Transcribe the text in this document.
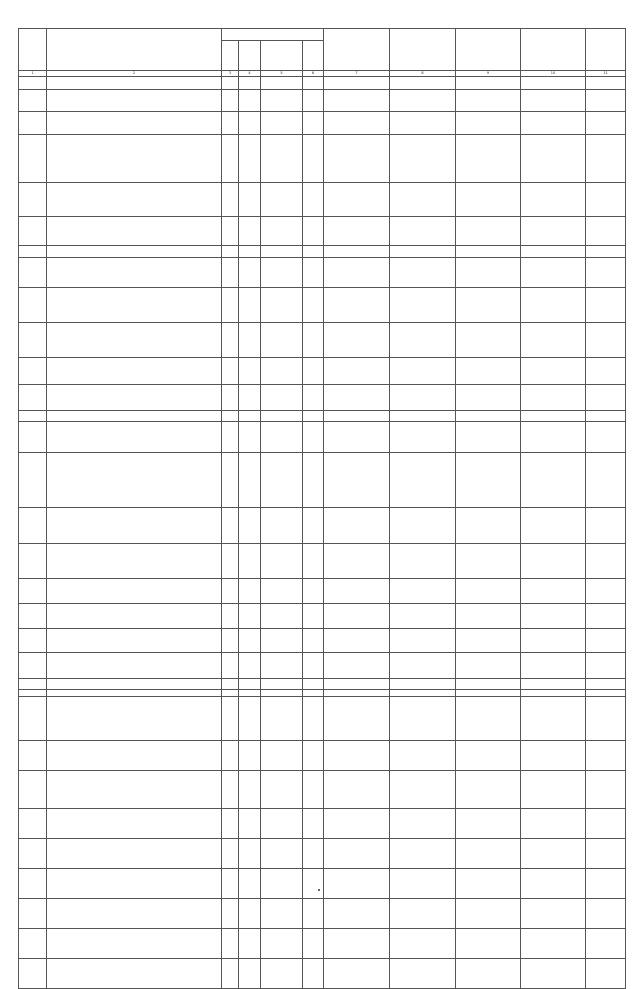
1	2	3	4	5	6	7	8	9	10	11
